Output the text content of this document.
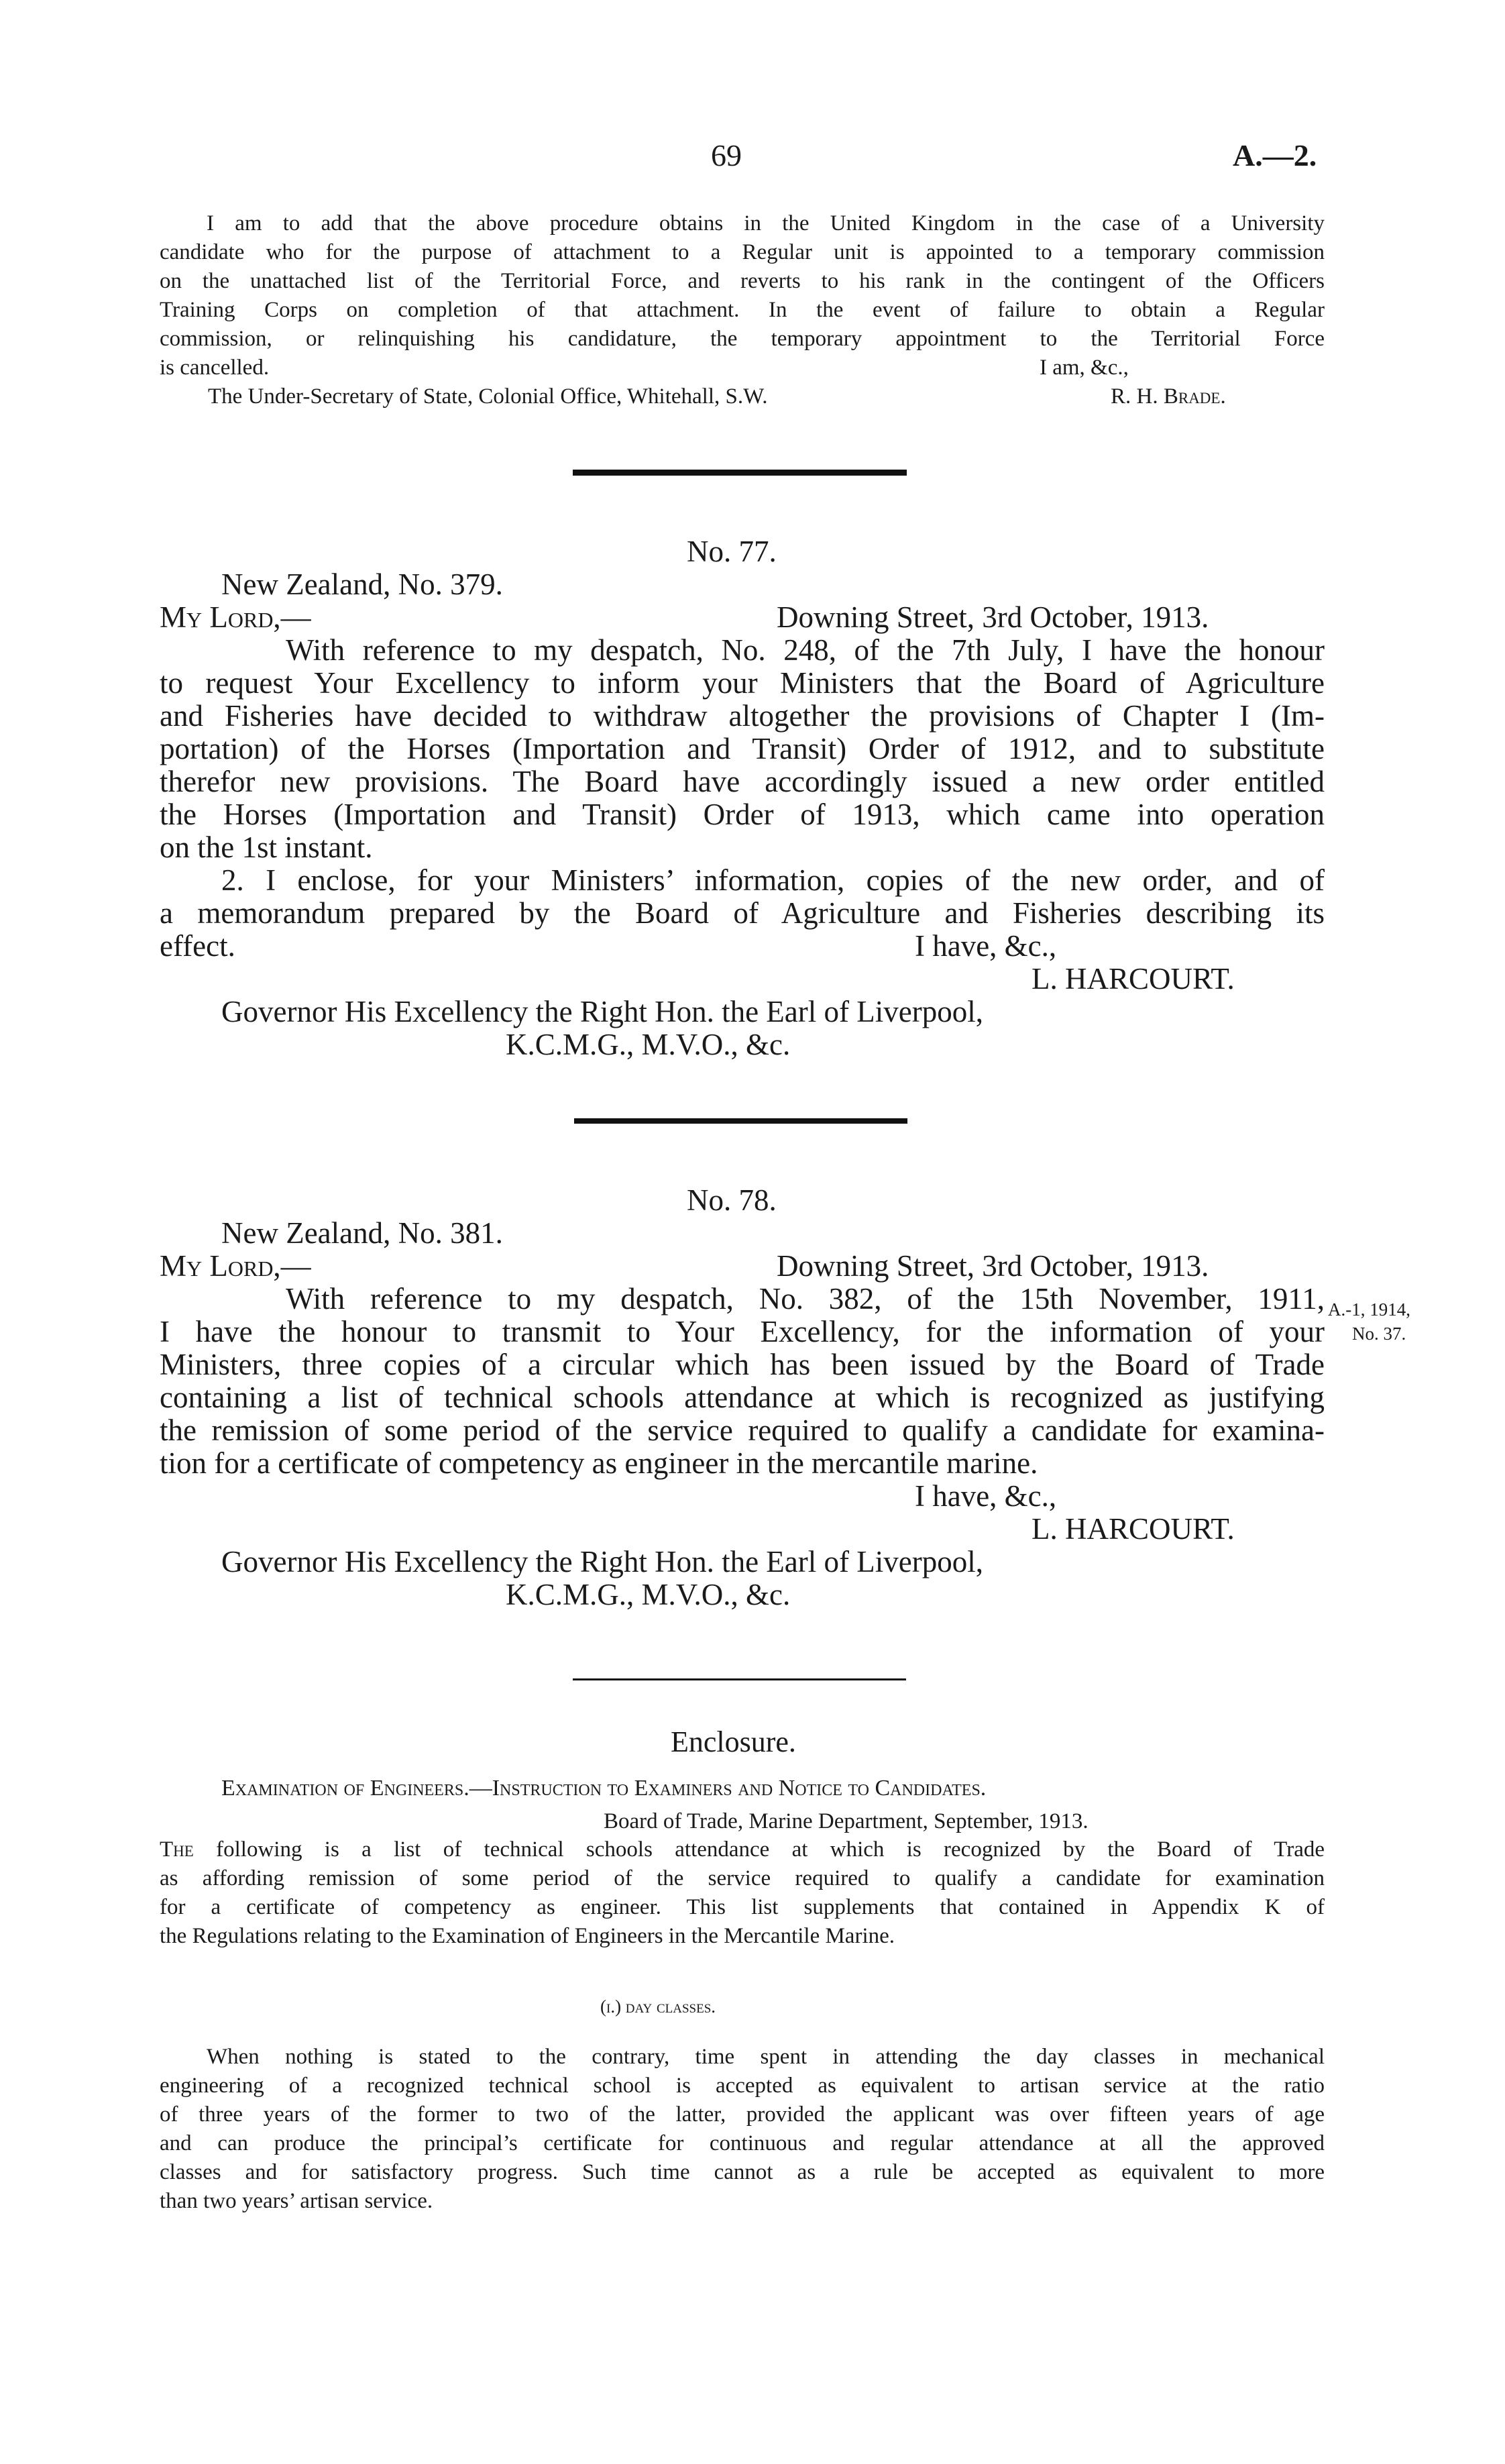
69	A.—2.
I am to add that the above procedure obtains in the United Kingdom in the case of a University
candidate who for the purpose of attachment to a Regular unit is appointed to a temporary commission
on the unattached list of the Territorial Force, and reverts to his rank in the contingent of the Officers
Training Corps on completion of that attachment. In the event of failure to obtain a Regular
commission, or relinquishing his candidature, the temporary appointment to the Territorial Force
is cancelled.	I am, &c.,
The Under-Secretary of State, Colonial Office, Whitehall, S.W.	R. H. Brade.
No. 77.
New Zealand, No. 379.
My Lord,—	Downing Street, 3rd October, 1913.
With reference to my despatch, No. 248, of the 7th July, I have the honour
to request Your Excellency to inform your Ministers that the Board of Agriculture
and Fisheries have decided to withdraw altogether the provisions of Chapter I (Im-
portation) of the Horses (Importation and Transit) Order of 1912, and to substitute
therefor new provisions. The Board have accordingly issued a new order entitled
the Horses (Importation and Transit) Order of 1913, which came into operation
on the 1st instant.
2. I enclose, for your Ministers’ information, copies of the new order, and of
a memorandum prepared by the Board of Agriculture and Fisheries describing its
effect.	I have, &c.,
L. HARCOURT.
Governor His Excellency the Right Hon. the Earl of Liverpool,
K.C.M.G., M.V.O., &c.
No. 78.
New Zealand, No. 381.
My Lord,—	Downing Street, 3rd October, 1913.
With reference to my despatch, No. 382, of the 15th November, 1911,
I have the honour to transmit to Your Excellency, for the information of your
Ministers, three copies of a circular which has been issued by the Board of Trade
containing a list of technical schools attendance at which is recognized as justifying
the remission of some period of the service required to qualify a candidate for examina-
tion for a certificate of competency as engineer in the mercantile marine.
I have, &c.,
L. HARCOURT.
Governor His Excellency the Right Hon. the Earl of Liverpool,
K.C.M.G., M.V.O., &c.
A.-1, 1914,
No. 37.
Enclosure.
Examination of Engineers.—Instruction to Examiners and Notice to Candidates.
Board of Trade, Marine Department, September, 1913.
The following is a list of technical schools attendance at which is recognized by the Board of Trade
as affording remission of some period of the service required to qualify a candidate for examination
for a certificate of competency as engineer. This list supplements that contained in Appendix K of
the Regulations relating to the Examination of Engineers in the Mercantile Marine.
(i.) day classes.
When nothing is stated to the contrary, time spent in attending the day classes in mechanical
engineering of a recognized technical school is accepted as equivalent to artisan service at the ratio
of three years of the former to two of the latter, provided the applicant was over fifteen years of age
and can produce the principal’s certificate for continuous and regular attendance at all the approved
classes and for satisfactory progress. Such time cannot as a rule be accepted as equivalent to more
than two years’ artisan service.
